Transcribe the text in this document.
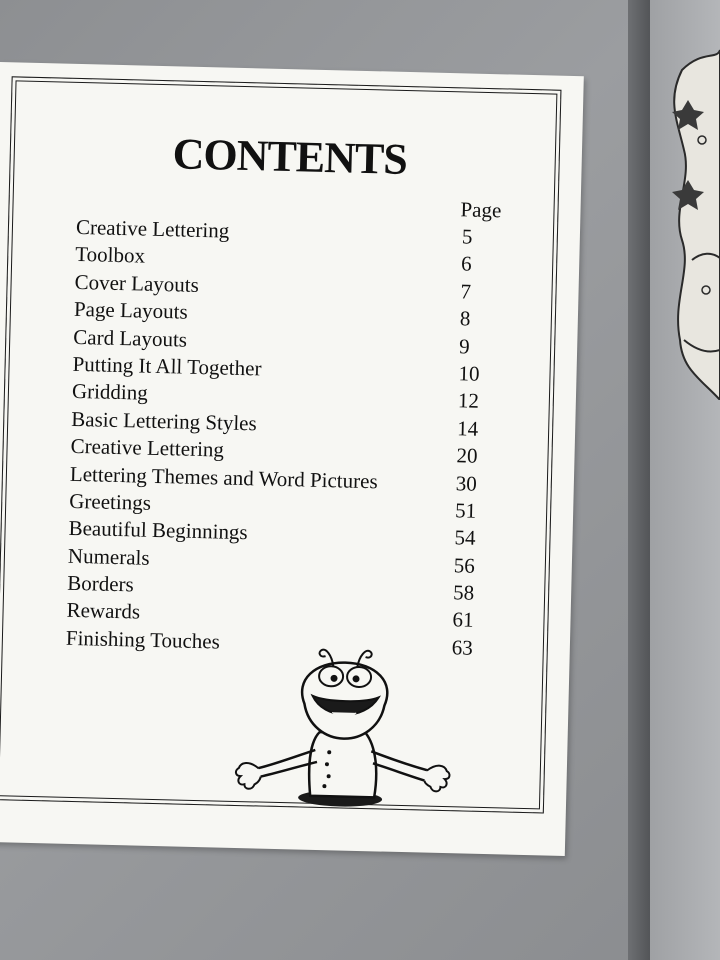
CONTENTS
Page
Creative Lettering	5
Toolbox	6
Cover Layouts	7
Page Layouts	8
Card Layouts	9
Putting It All Together	10
Gridding	12
Basic Lettering Styles	14
Creative Lettering	20
Lettering Themes and Word Pictures	30
Greetings	51
Beautiful Beginnings	54
Numerals	56
Borders	58
Rewards	61
Finishing Touches	63
